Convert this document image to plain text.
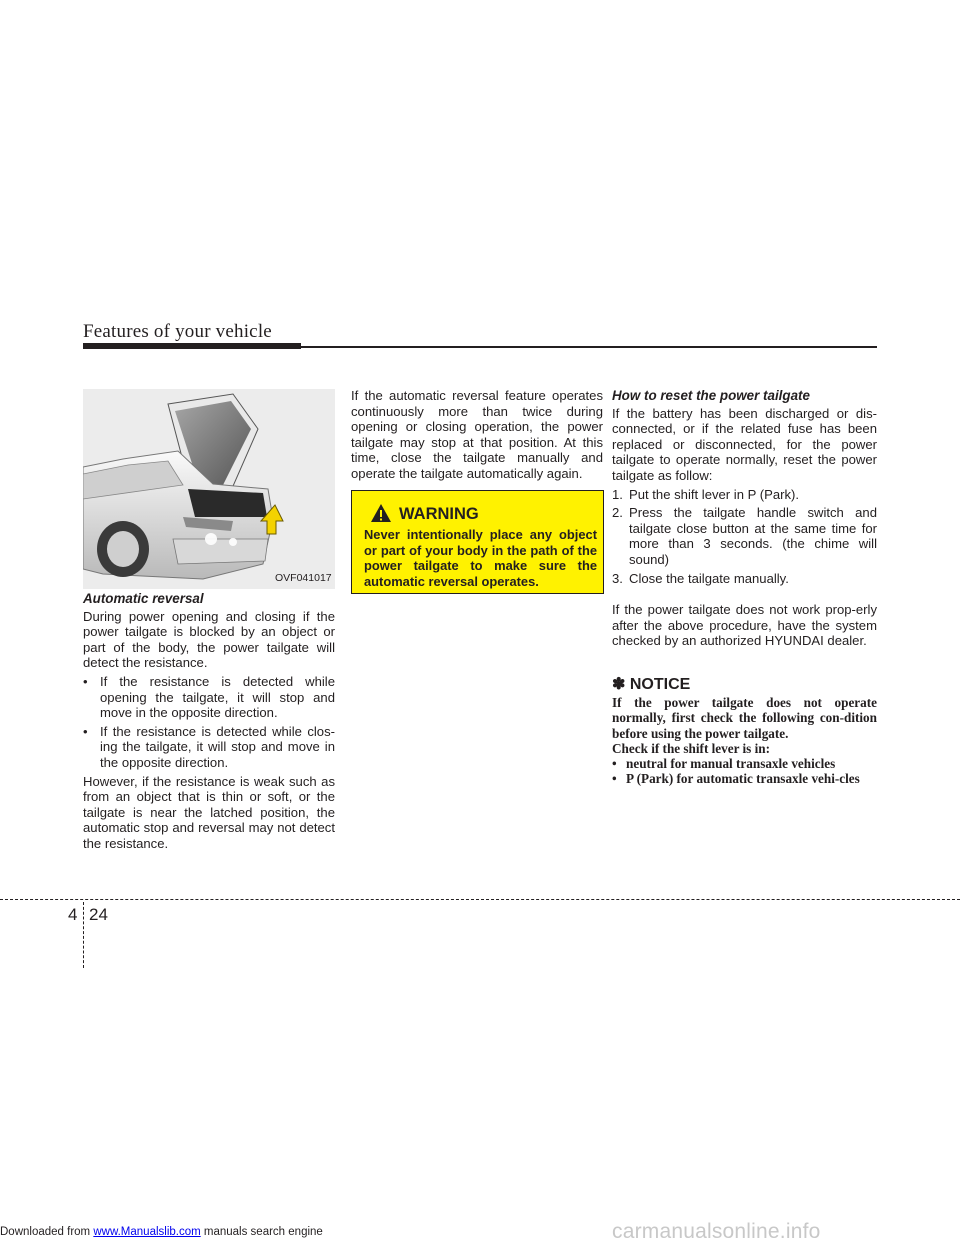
Features of your vehicle
OVF041017

Automatic reversal

During power opening and closing if the power tailgate is blocked by an object or part of the body, the power tailgate will detect the resistance.

• If the resistance is detected while opening the tailgate, it will stop and move in the opposite direction.

• If the resistance is detected while clos-ing the tailgate, it will stop and move in the opposite direction.

However, if the resistance is weak such as from an object that is thin or soft, or the tailgate is near the latched position, the automatic stop and reversal may not detect the resistance.

If the automatic reversal feature operates continuously more than twice during opening or closing operation, the power tailgate may stop at that position. At this time, close the tailgate manually and operate the tailgate automatically again.

WARNING

Never intentionally place any object or part of your body in the path of the power tailgate to make sure the automatic reversal operates.

How to reset the power tailgate

If the battery has been discharged or dis-connected, or if the related fuse has been replaced or disconnected, for the power tailgate to operate normally, reset the power tailgate as follow:

1. Put the shift lever in P (Park).
2. Press the tailgate handle switch and tailgate close button at the same time for more than 3 seconds. (the chime will sound)
3. Close the tailgate manually.

If the power tailgate does not work prop-erly after the above procedure, have the system checked by an authorized HYUNDAI dealer.

✽ NOTICE

If the power tailgate does not operate normally, first check the following con-dition before using the power tailgate.

Check if the shift lever is in:

• neutral for manual transaxle vehicles

• P (Park) for automatic transaxle vehi-cles

4 24
Downloaded from www.Manualslib.com manuals search engine	carmanualsonline.info
